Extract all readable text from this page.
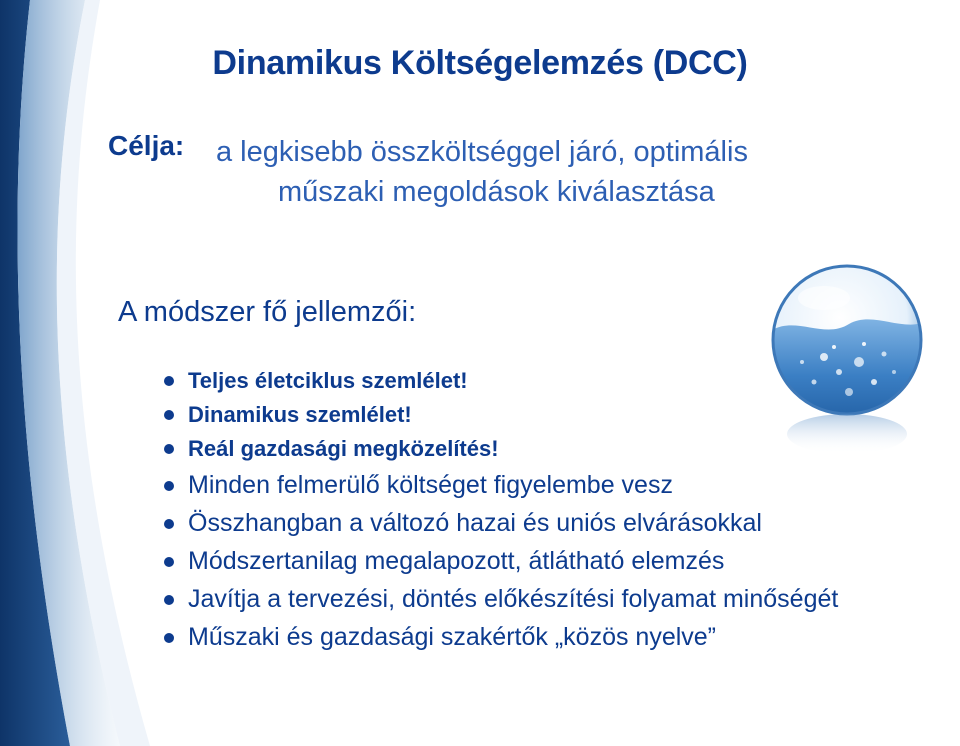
Dinamikus Költségelemzés (DCC)
Célja: a legkisebb összköltséggel járó, optimális
műszaki megoldások kiválasztása
A módszer fő jellemzői:
Teljes életciklus szemlélet!
Dinamikus szemlélet!
Reál gazdasági megközelítés!
Minden felmerülő költséget figyelembe vesz
Összhangban a változó hazai és uniós elvárásokkal
Módszertanilag megalapozott, átlátható elemzés
Javítja a tervezési, döntés előkészítési folyamat minőségét
Műszaki és gazdasági szakértők „közös nyelve”
